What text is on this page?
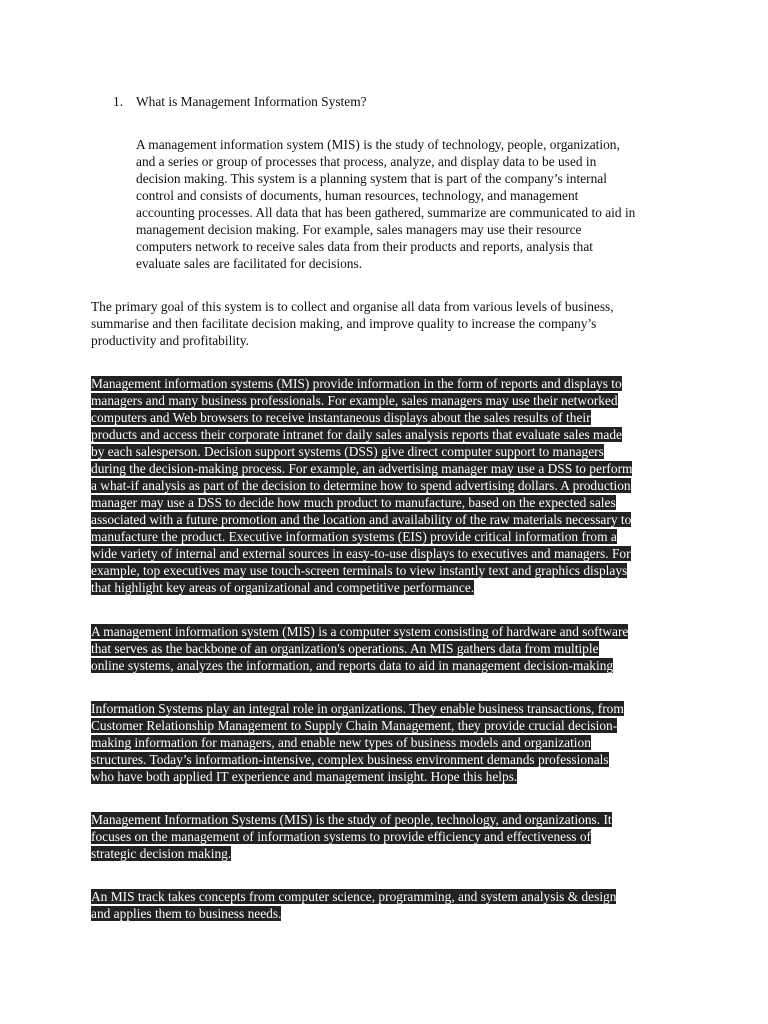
1. What is Management Information System?
A management information system (MIS) is the study of technology, people, organization,
and a series or group of processes that process, analyze, and display data to be used in
decision making. This system is a planning system that is part of the company’s internal
control and consists of documents, human resources, technology, and management
accounting processes. All data that has been gathered, summarize are communicated to aid in
management decision making. For example, sales managers may use their resource
computers network to receive sales data from their products and reports, analysis that
evaluate sales are facilitated for decisions.
The primary goal of this system is to collect and organise all data from various levels of business,
summarise and then facilitate decision making, and improve quality to increase the company’s
productivity and profitability.
Management information systems (MIS) provide information in the form of reports and displays to
managers and many business professionals. For example, sales managers may use their networked
computers and Web browsers to receive instantaneous displays about the sales results of their
products and access their corporate intranet for daily sales analysis reports that evaluate sales made
by each salesperson. Decision support systems (DSS) give direct computer support to managers
during the decision-making process. For example, an advertising manager may use a DSS to perform
a what-if analysis as part of the decision to determine how to spend advertising dollars. A production
manager may use a DSS to decide how much product to manufacture, based on the expected sales
associated with a future promotion and the location and availability of the raw materials necessary to
manufacture the product. Executive information systems (EIS) provide critical information from a
wide variety of internal and external sources in easy-to-use displays to executives and managers. For
example, top executives may use touch-screen terminals to view instantly text and graphics displays
that highlight key areas of organizational and competitive performance.
A management information system (MIS) is a computer system consisting of hardware and software
that serves as the backbone of an organization's operations. An MIS gathers data from multiple
online systems, analyzes the information, and reports data to aid in management decision-making
Information Systems play an integral role in organizations. They enable business transactions, from
Customer Relationship Management to Supply Chain Management, they provide crucial decision-
making information for managers, and enable new types of business models and organization
structures. Today’s information-intensive, complex business environment demands professionals
who have both applied IT experience and management insight. Hope this helps.
Management Information Systems (MIS) is the study of people, technology, and organizations. It
focuses on the management of information systems to provide efficiency and effectiveness of
strategic decision making.
An MIS track takes concepts from computer science, programming, and system analysis & design
and applies them to business needs.
